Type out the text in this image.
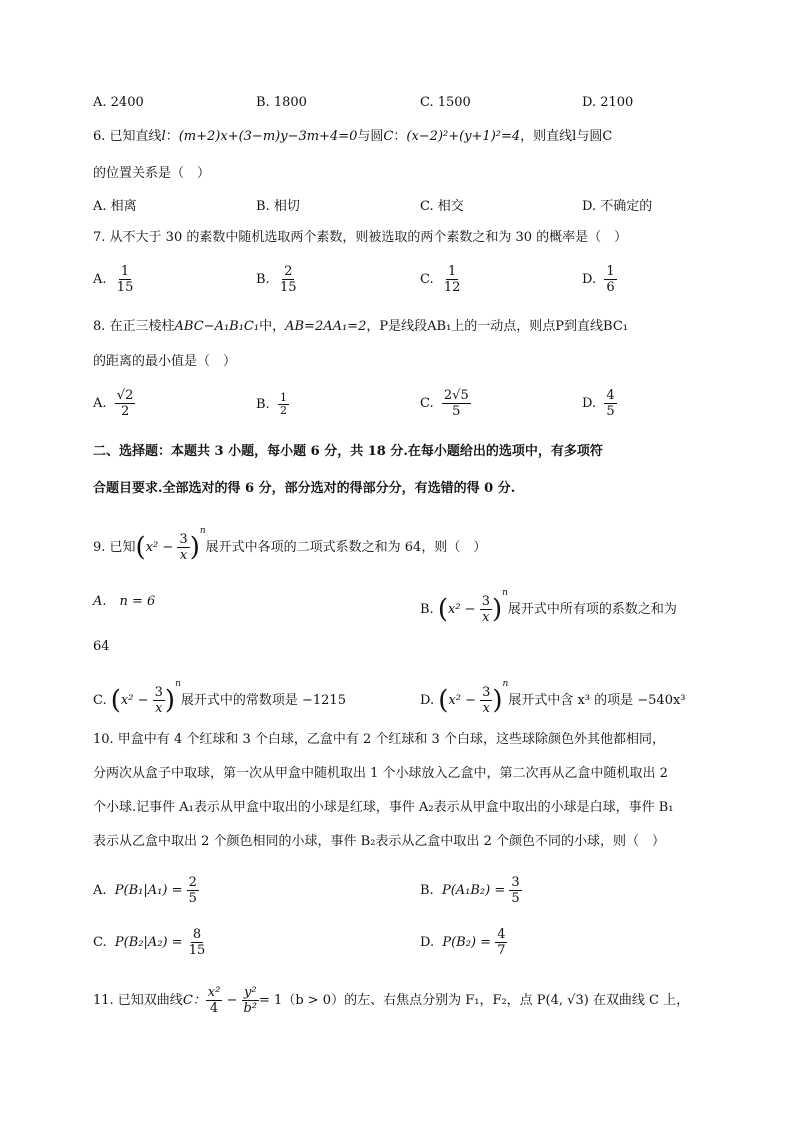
A. 2400	B. 1800	C. 1500	D. 2100
6. 已知直线l：(m+2)x+(3−m)y−3m+4=0与圆C：(x−2)²+(y+1)²=4，则直线l与圆C
的位置关系是（　）
A. 相离	B. 相切	C. 相交	D. 不确定的
7. 从不大于 30 的素数中随机选取两个素数，则被选取的两个素数之和为 30 的概率是（　）
A. $\frac{1}{15}$	B. $\frac{2}{15}$	C. $\frac{1}{12}$	D. $\frac{1}{6}$
8. 在正三棱柱ABC−A₁B₁C₁中，AB=2AA₁=2，P是线段AB₁上的一动点，则点P到直线BC₁
的距离的最小值是（　）
A. $\frac{√2}{2}$	B. $\frac{1}{2}$	C. $\frac{2√5}{5}$	D. $\frac{4}{5}$
二、选择题：本题共 3 小题，每小题 6 分，共 18 分.在每小题给出的选项中，有多项符
合题目要求.全部选对的得 6 分，部分选对的得部分分，有选错的得 0 分.
9. 已知$(x^2 - \frac{3}{x} )^n$展开式中各项的二项式系数之和为 64，则（　）
A.　n = 6
B. $(x^2 - \frac{3}{x} )^n$展开式中所有项的系数之和为
64
C. $(x^2 - \frac{3}{x} )^n$展开式中的常数项是 −1215	D. $(x^2 - \frac{3}{x} )^n$展开式中含 x³ 的项是 −540x³
10. 甲盒中有 4 个红球和 3 个白球，乙盒中有 2 个红球和 3 个白球，这些球除颜色外其他都相同，
分两次从盒子中取球，第一次从甲盒中随机取出 1 个小球放入乙盒中，第二次再从乙盒中随机取出 2
个小球.记事件 A₁表示从甲盒中取出的小球是红球，事件 A₂表示从甲盒中取出的小球是白球，事件 B₁
表示从乙盒中取出 2 个颜色相同的小球，事件 B₂表示从乙盒中取出 2 个颜色不同的小球，则（　）
A. $P(B_1|A_1) = \frac{2}{5}$	B. $P(A_1B_2) = \frac{3}{5}$
C. $P(B_2|A_2) = \frac{8}{15}$	D. $P(B_2) = \frac{4}{7}$
11. 已知双曲线C： $\frac{\text{x²}}{4} - \frac{\text{y²}}{\text{b²}} = 1(b > 0)$的左、右焦点分别为 F₁，F₂，点 P(4, √3) 在双曲线 C 上，
